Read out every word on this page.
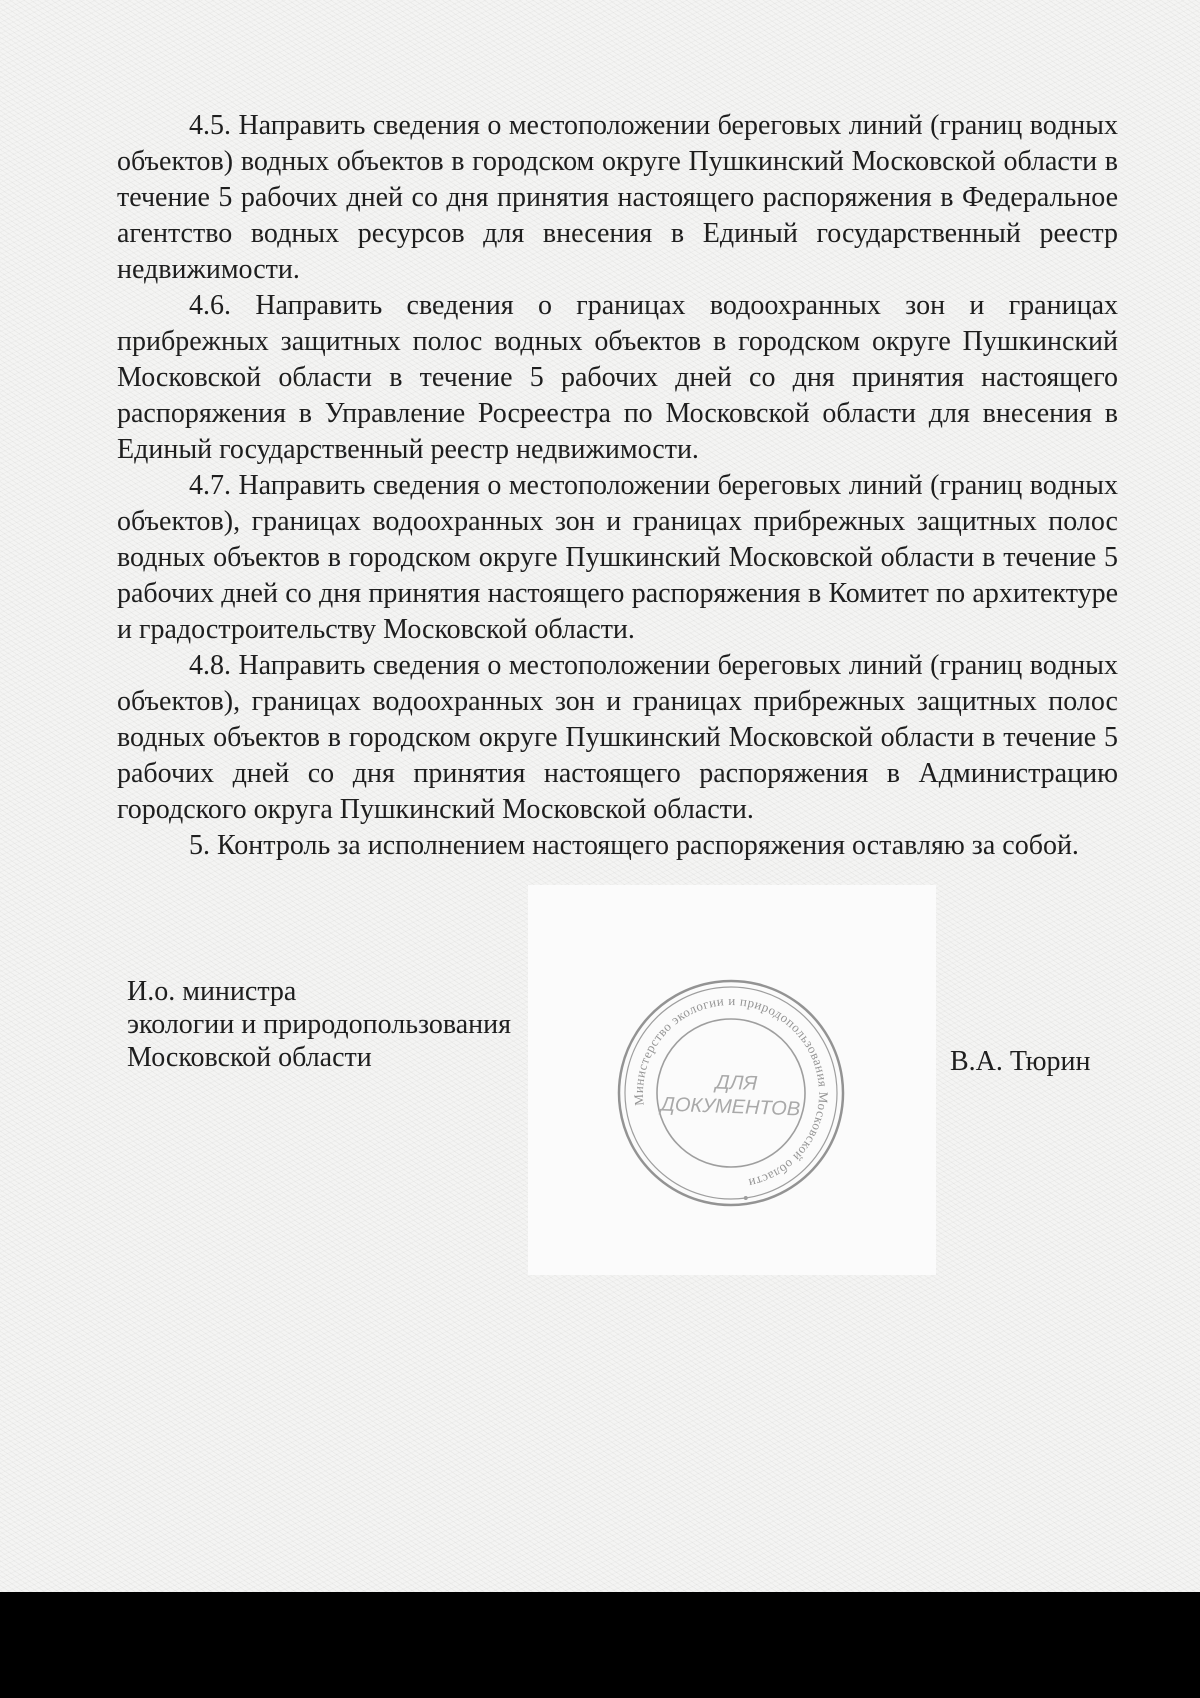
4.5. Направить сведения о местоположении береговых линий (границ водных объектов) водных объектов в городском округе Пушкинский Московской области в течение 5 рабочих дней со дня принятия настоящего распоряжения в Федеральное агентство водных ресурсов для внесения в Единый государственный реестр недвижимости.

4.6. Направить сведения о границах водоохранных зон и границах прибрежных защитных полос водных объектов в городском округе Пушкинский Московской области в течение 5 рабочих дней со дня принятия настоящего распоряжения в Управление Росреестра по Московской области для внесения в Единый государственный реестр недвижимости.

4.7. Направить сведения о местоположении береговых линий (границ водных объектов), границах водоохранных зон и границах прибрежных защитных полос водных объектов в городском округе Пушкинский Московской области в течение 5 рабочих дней со дня принятия настоящего распоряжения в Комитет по архитектуре и градостроительству Московской области.

4.8. Направить сведения о местоположении береговых линий (границ водных объектов), границах водоохранных зон и границах прибрежных защитных полос водных объектов в городском округе Пушкинский Московской области в течение 5 рабочих дней со дня принятия настоящего распоряжения в Администрацию городского округа Пушкинский Московской области.

5. Контроль за исполнением настоящего распоряжения оставляю за собой.

Министерство экологии и природопользования Московской области
ДЛЯ
ДОКУМЕНТОВ
И.о. министра
экологии и природопользования
Московской области	В.А. Тюрин
